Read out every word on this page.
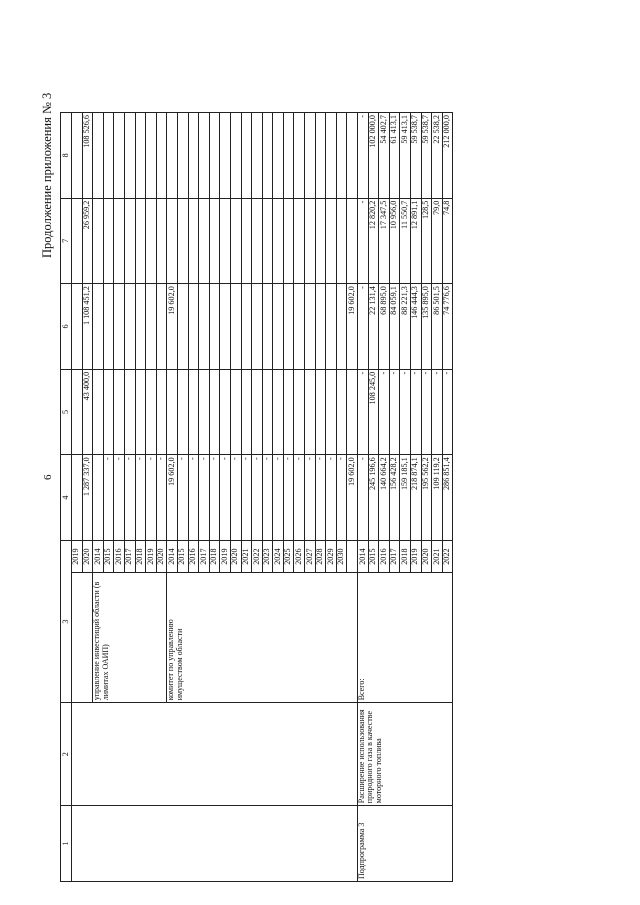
6
Продолжение приложения № 3
1	2	3		4	5	6	7	8
			2019					
			2020	1 287 337,0	43 400,0	1 108 451,2	26 959,2	108 526,6
		управление инвестиций области (в лимитах ОАИП)	2014					
			2015	-				
			2016	-				
			2017	-				
			2018	-				
			2019	-				
			2020	-				
		комитет по управлению имуществом области	2014	19 602,0		19 602,0		
			2015	-				
			2016	-				
			2017	-				
			2018	-				
			2019	-				
			2020	-				
			2021	-				
			2022	-				
			2023	-				
			2024	-				
			2025	-				
			2026	-				
			2027	-				
			2028	-				
			2029	-				
			2030	-				
				19 602,0		19 602,0		
Подпрограмма 3	Расширение использования природного газа в качестве моторного топлива	Всего:	2014	-	-	-	-	-
			2015	245 196,6	108 245,0	22 131,4	12 820,2	102 000,0
			2016	140 664,2	-	68 895,0	17 347,5	54 402,7
			2017	156 428,2	-	84 059,1	10 956,0	61 413,1
			2018	159 185,1	-	88 221,3	11 550,7	59 413,1
			2019	218 874,1	-	146 444,3	12 891,1	59 538,7
			2020	195 562,2	-	135 895,0	128,5	59 538,7
			2021	109 119,2	-	86 501,5	79,0	22 538,2
			2022	286 851,4	-	74 776,6	74,8	212 000,0
